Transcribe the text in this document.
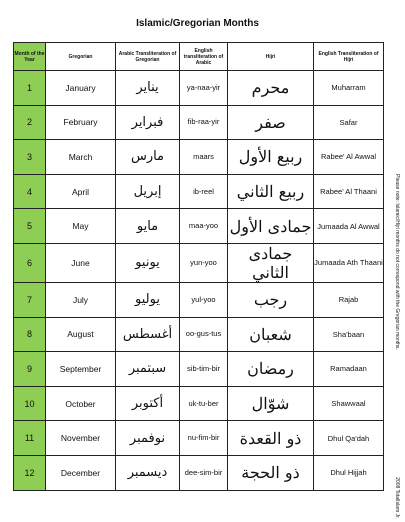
Islamic/Gregorian Months
Month of the Year	Gregorian	Arabic Transliteration of Gregorian	English transliteration of Arabic	Hijri	English Transliteration of Hijri
1	January	يناير	ya-naa-yir	محرم	Muharram
2	February	فبراير	fib-raa-yir	صفر	Safar
3	March	مارس	maars	ربيع الأول	Rabee' Al Awwal
4	April	إبريل	ib-reel	ربيع الثاني	Rabee' Al Thaani
5	May	مايو	maa-yoo	جمادى الأول	Jumaada Al Awwal
6	June	يونيو	yun-yoo	جمادى الثاني	Jumaada Ath Thaani
7	July	يوليو	yul-yoo	رجب	Rajab
8	August	أغسطس	oo-gus-tus	شعبان	Sha'baan
9	September	سبتمبر	sib-tim-bir	رمضان	Ramadaan
10	October	أكتوبر	uk-tu-ber	شوّال	Shawwaal
11	November	نوفمبر	nu-fim-bir	ذو القعدة	Dhul Qa'dah
12	December	ديسمبر	dee-sim-bir	ذو الحجة	Dhul Hijjah
Please note: Islamic/Hijri months do not correspond with the Gregorian months.
2008 TotalIslam Jr.
